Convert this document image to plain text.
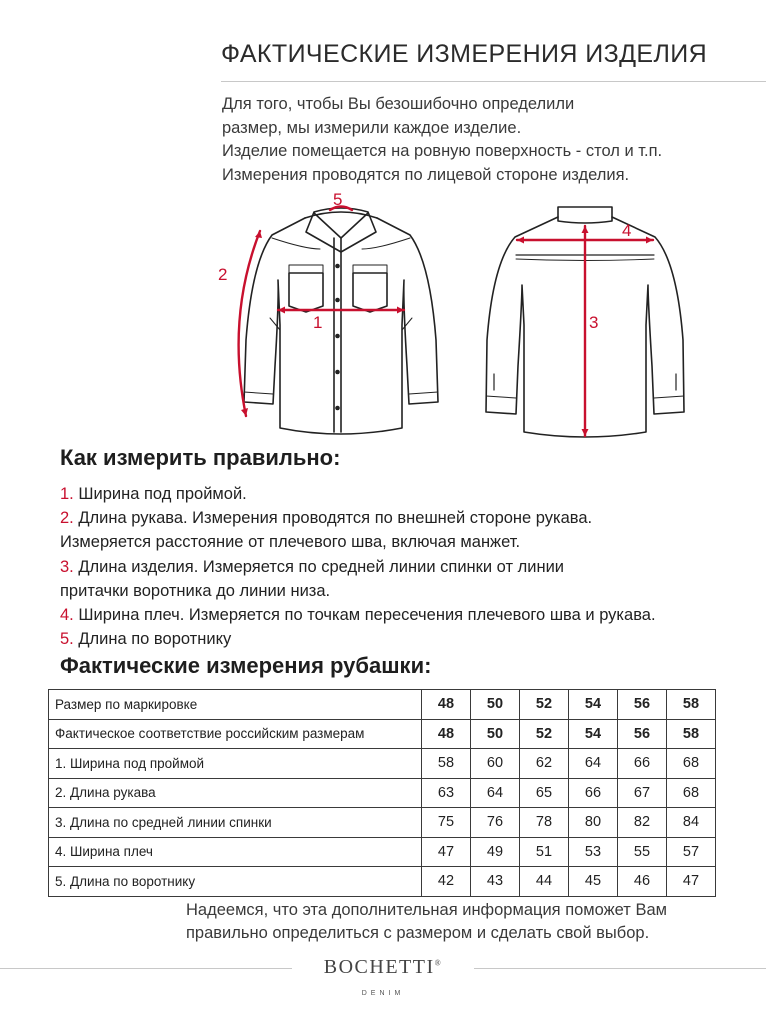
ФАКТИЧЕСКИЕ ИЗМЕРЕНИЯ ИЗДЕЛИЯ
Для того, чтобы Вы безошибочно определили
размер, мы измерили каждое изделие.
Изделие помещается на ровную поверхность - стол и т.п.
Измерения проводятся по лицевой стороне изделия.
1
2
3
4
5
Как измерить правильно:
1. Ширина под проймой.
2. Длина рукава. Измерения проводятся по внешней стороне рукава.
Измеряется расстояние от плечевого шва, включая манжет.
3. Длина изделия. Измеряется по средней линии спинки от линии
притачки воротника до линии низа.
4. Ширина плеч. Измеряется по точкам пересечения плечевого шва и рукава.
5. Длина по воротнику
Фактические измерения рубашки:
Размер по маркировке	48	50	52	54	56	58
Фактическое соответствие российским размерам	48	50	52	54	56	58
1. Ширина под проймой	58	60	62	64	66	68
2. Длина рукава	63	64	65	66	67	68
3. Длина по средней линии спинки	75	76	78	80	82	84
4. Ширина плеч	47	49	51	53	55	57
5. Длина по воротнику	42	43	44	45	46	47
Надеемся, что эта дополнительная информация поможет Вам
правильно определиться с размером и сделать свой выбор.
BOCHETTI®
DENIM
